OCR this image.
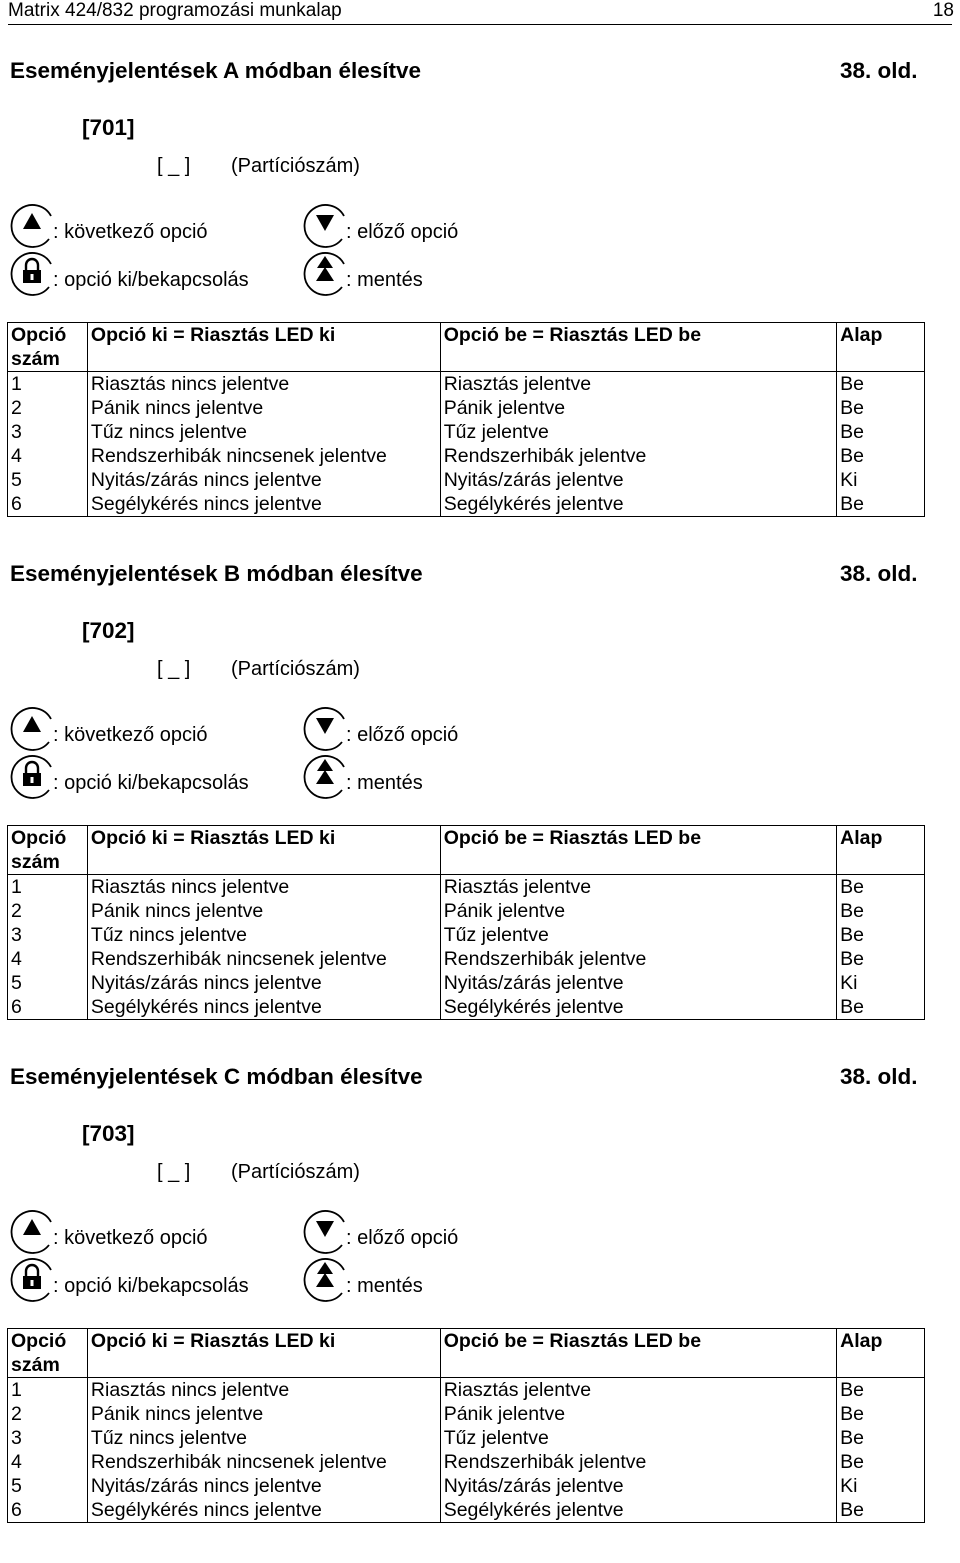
Matrix 424/832 programozási munkalap	18
Eseményjelentések A módban élesítve	38. old.
[701]
[ _ ] (Partíciószám)
: következő opció	: előző opció
: opció ki/bekapcsolás	: mentés
Opció szám	Opció ki = Riasztás LED ki	Opció be = Riasztás LED be	Alap
1	Riasztás nincs jelentve	Riasztás jelentve	Be
2	Pánik nincs jelentve	Pánik jelentve	Be
3	Tűz nincs jelentve	Tűz jelentve	Be
4	Rendszerhibák nincsenek jelentve	Rendszerhibák jelentve	Be
5	Nyitás/zárás nincs jelentve	Nyitás/zárás jelentve	Ki
6	Segélykérés nincs jelentve	Segélykérés jelentve	Be
Eseményjelentések B módban élesítve	38. old.
[702]
[ _ ] (Partíciószám)
: következő opció	: előző opció
: opció ki/bekapcsolás	: mentés
Opció szám	Opció ki = Riasztás LED ki	Opció be = Riasztás LED be	Alap
1	Riasztás nincs jelentve	Riasztás jelentve	Be
2	Pánik nincs jelentve	Pánik jelentve	Be
3	Tűz nincs jelentve	Tűz jelentve	Be
4	Rendszerhibák nincsenek jelentve	Rendszerhibák jelentve	Be
5	Nyitás/zárás nincs jelentve	Nyitás/zárás jelentve	Ki
6	Segélykérés nincs jelentve	Segélykérés jelentve	Be
Eseményjelentések C módban élesítve	38. old.
[703]
[ _ ] (Partíciószám)
: következő opció	: előző opció
: opció ki/bekapcsolás	: mentés
Opció szám	Opció ki = Riasztás LED ki	Opció be = Riasztás LED be	Alap
1	Riasztás nincs jelentve	Riasztás jelentve	Be
2	Pánik nincs jelentve	Pánik jelentve	Be
3	Tűz nincs jelentve	Tűz jelentve	Be
4	Rendszerhibák nincsenek jelentve	Rendszerhibák jelentve	Be
5	Nyitás/zárás nincs jelentve	Nyitás/zárás jelentve	Ki
6	Segélykérés nincs jelentve	Segélykérés jelentve	Be
